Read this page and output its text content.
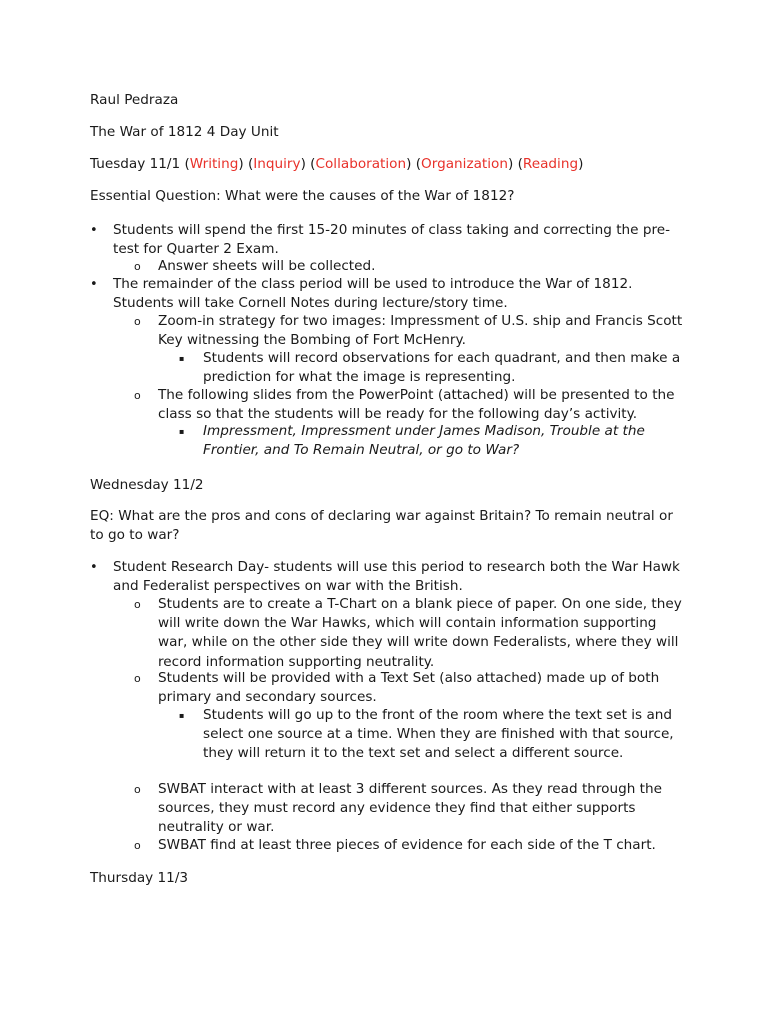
Raul Pedraza
The War of 1812 4 Day Unit
Tuesday 11/1 (Writing) (Inquiry) (Collaboration) (Organization) (Reading)
Essential Question: What were the causes of the War of 1812?
•	Students will spend the first 15-20 minutes of class taking and correcting the pre-test for Quarter 2 Exam.
o	Answer sheets will be collected.
•	The remainder of the class period will be used to introduce the War of 1812. Students will take Cornell Notes during lecture/story time.
o	Zoom-in strategy for two images: Impressment of U.S. ship and Francis Scott Key witnessing the Bombing of Fort McHenry.
▪	Students will record observations for each quadrant, and then make a prediction for what the image is representing.
o	The following slides from the PowerPoint (attached) will be presented to the class so that the students will be ready for the following day’s activity.
▪	Impressment, Impressment under James Madison, Trouble at the Frontier, and To Remain Neutral, or go to War?
Wednesday 11/2
EQ: What are the pros and cons of declaring war against Britain? To remain neutral or to go to war?
•	Student Research Day- students will use this period to research both the War Hawk and Federalist perspectives on war with the British.
o	Students are to create a T-Chart on a blank piece of paper. On one side, they will write down the War Hawks, which will contain information supporting war, while on the other side they will write down Federalists, where they will record information supporting neutrality.
o	Students will be provided with a Text Set (also attached) made up of both primary and secondary sources.
▪	Students will go up to the front of the room where the text set is and select one source at a time. When they are finished with that source, they will return it to the text set and select a different source.
o	SWBAT interact with at least 3 different sources. As they read through the sources, they must record any evidence they find that either supports neutrality or war.
o	SWBAT find at least three pieces of evidence for each side of the T chart.
Thursday 11/3
